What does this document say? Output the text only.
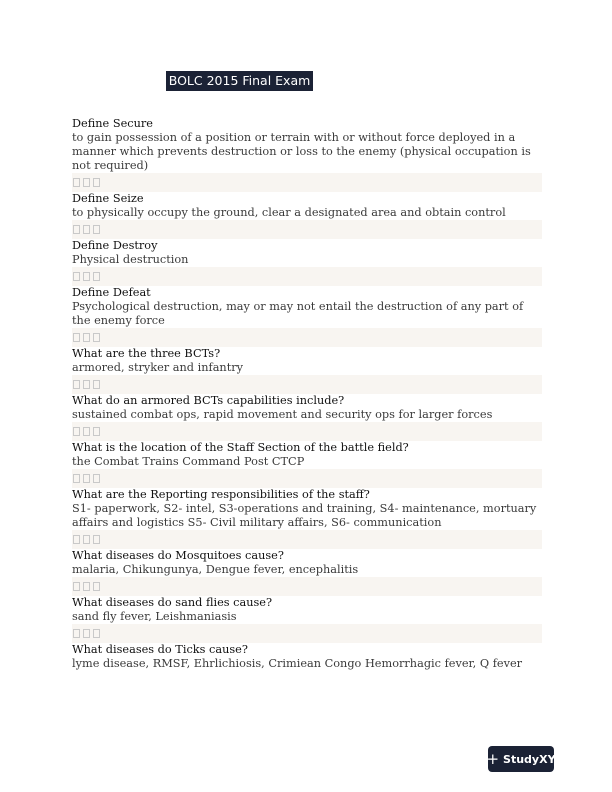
BOLC 2015 Final Exam
Define Secure
to gain possession of a position or terrain with or without force deployed in a manner which prevents destruction or loss to the enemy (physical occupation is not required)
Define Seize
to physically occupy the ground, clear a designated area and obtain control
Define Destroy
Physical destruction
Define Defeat
Psychological destruction, may or may not entail the destruction of any part of the enemy force
What are the three BCTs?
armored, stryker and infantry
What do an armored BCTs capabilities include?
sustained combat ops, rapid movement and security ops for larger forces
What is the location of the Staff Section of the battle field?
the Combat Trains Command Post CTCP
What are the Reporting responsibilities of the staff?
S1- paperwork, S2- intel, S3-operations and training, S4- maintenance, mortuary affairs and logistics S5- Civil military affairs, S6- communication
What diseases do Mosquitoes cause?
malaria, Chikungunya, Dengue fever, encephalitis
What diseases do sand flies cause?
sand fly fever, Leishmaniasis
What diseases do Ticks cause?
lyme disease, RMSF, Ehrlichiosis, Crimiean Congo Hemorrhagic fever, Q fever
+ StudyXY
